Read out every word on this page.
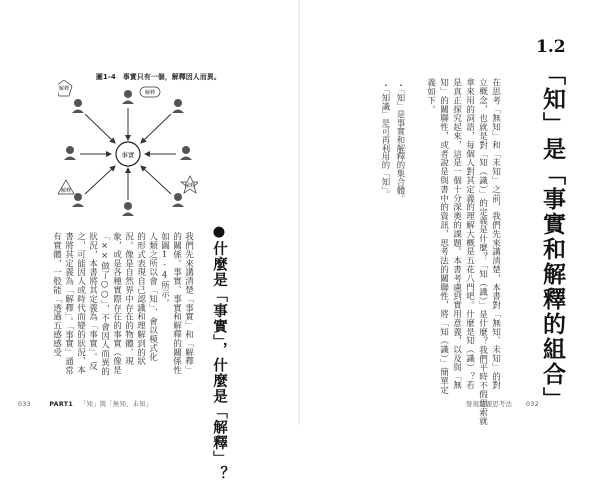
圖1-4　事實只有一個，解釋因人而異。
事實
解釋
解釋
解釋
解釋
●什麼是「事實」，什麼是「解釋」？
我們先來講清楚「事實」和「解釋」
的關係。事實、事實和解釋的關係性
如圖1-4所示。
人類之所以會「知」，會以模式化
的形式表現自己認識和理解到的狀
況。像是自然界中存在的物體、現
象，或是各種實際存在的事實（像是
「××做了○○」，不會因人而異的
狀況，本書將其定義為「事實」。反
之，可能因人或時代而變的狀況，本
書將其定義為「解釋」。「事實」通常
有實體，一般能「透過五感感受
033	PART1 「知」與「無知、未知」
1.2
「知」是「事實和解釋的組合」
在思考「無知」和「未知」之前，我們先來講清楚，本書對「無知、未知」的對
立概念，也就是對「知（識）」的定義是什麼？「知（識）」是什麼？我們平時不假思索就
拿來用的詞語，每個人對其定義的理解大概是五花八門吧。什麼是知（識）？若
是真正探究起來，這是一個十分深奧的課題。本書考慮到實用意義，以及與「無
知」的關聯性，或者說是與書中的資訊，思考法的關聯性，將「知（識）」簡單定
義如下。
・「知」是事實和解釋的集合體。
・「知識」是可再利用的「知」。
發現問題思考法 032
